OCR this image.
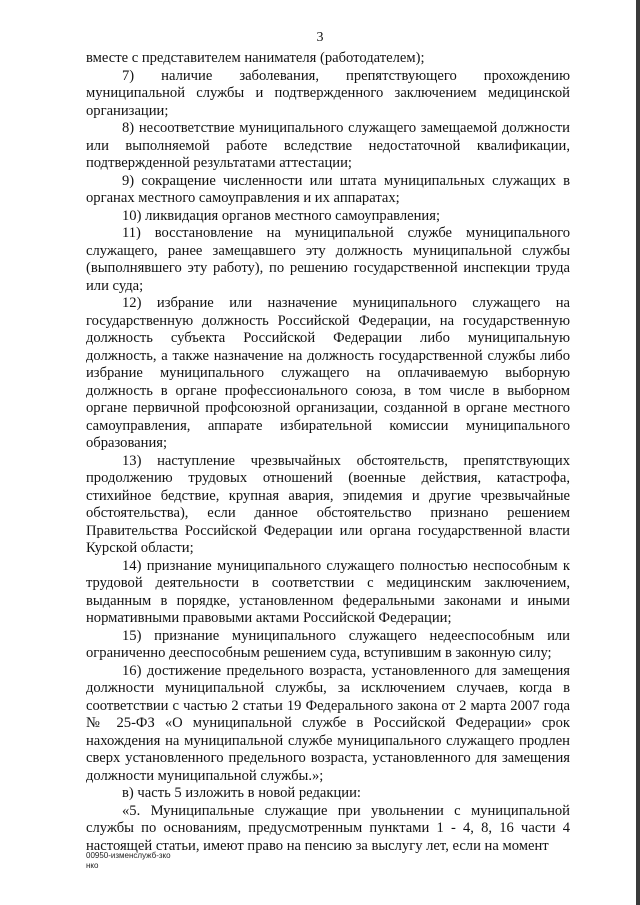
3

вместе с представителем нанимателя (работодателем);

7) наличие заболевания, препятствующего прохождению муниципальной службы и подтвержденного заключением медицинской организации;

8) несоответствие муниципального служащего замещаемой должности или выполняемой работе вследствие недостаточной квалификации, подтвержденной результатами аттестации;

9) сокращение численности или штата муниципальных служащих в органах местного самоуправления и их аппаратах;

10) ликвидация органов местного самоуправления;

11) восстановление на муниципальной службе муниципального служащего, ранее замещавшего эту должность муниципальной службы (выполнявшего эту работу), по решению государственной инспекции труда или суда;

12) избрание или назначение муниципального служащего на государственную должность Российской Федерации, на государственную должность субъекта Российской Федерации либо муниципальную должность, а также назначение на должность государственной службы либо избрание муниципального служащего на оплачиваемую выборную должность в органе профессионального союза, в том числе в выборном органе первичной профсоюзной организации, созданной в органе местного самоуправления, аппарате избирательной комиссии муниципального образования;

13) наступление чрезвычайных обстоятельств, препятствующих продолжению трудовых отношений (военные действия, катастрофа, стихийное бедствие, крупная авария, эпидемия и другие чрезвычайные обстоятельства), если данное обстоятельство признано решением Правительства Российской Федерации или органа государственной власти Курской области;

14) признание муниципального служащего полностью неспособным к трудовой деятельности в соответствии с медицинским заключением, выданным в порядке, установленном федеральными законами и иными нормативными правовыми актами Российской Федерации;

15) признание муниципального служащего недееспособным или ограниченно дееспособным решением суда, вступившим в законную силу;

16) достижение предельного возраста, установленного для замещения должности муниципальной службы, за исключением случаев, когда в соответствии с частью 2 статьи 19 Федерального закона от 2 марта 2007 года № 25-ФЗ «О муниципальной службе в Российской Федерации» срок нахождения на муниципальной службе муниципального служащего продлен сверх установленного предельного возраста, установленного для замещения должности муниципальной службы.»;

в) часть 5 изложить в новой редакции:

«5. Муниципальные служащие при увольнении с муниципальной службы по основаниям, предусмотренным пунктами 1 - 4, 8, 16 части 4 настоящей статьи, имеют право на пенсию за выслугу лет, если на момент

00950-изменслужб-зко
нко
